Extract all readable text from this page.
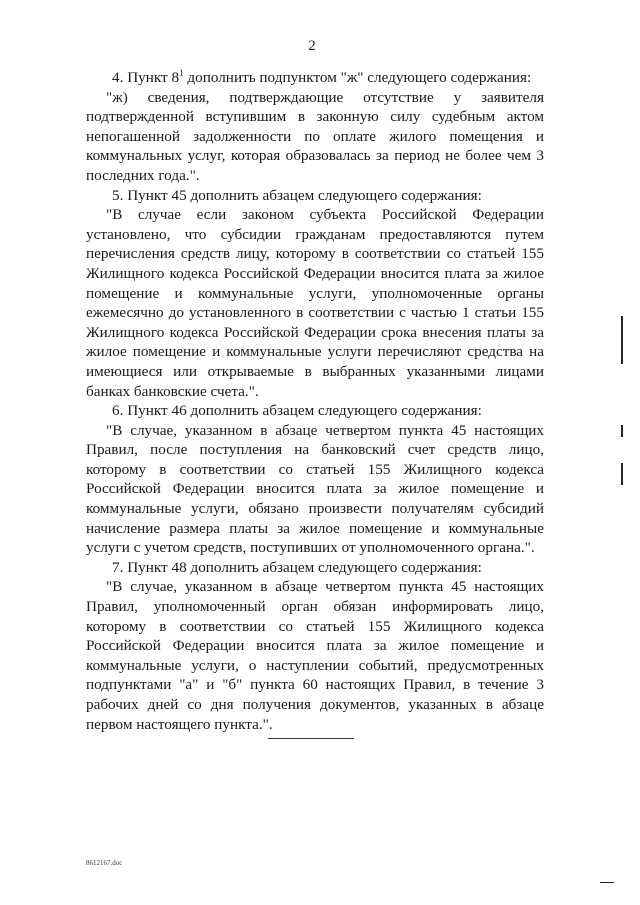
2

4. Пункт $8^1$ дополнить подпунктом "ж" следующего содержания:

"ж) сведения, подтверждающие отсутствие у заявителя подтвержденной вступившим в законную силу судебным актом непогашенной задолженности по оплате жилого помещения и коммунальных услуг, которая образовалась за период не более чем 3 последних года.".

5. Пункт 45 дополнить абзацем следующего содержания:

"В случае если законом субъекта Российской Федерации установлено, что субсидии гражданам предоставляются путем перечисления средств лицу, которому в соответствии со статьей 155 Жилищного кодекса Российской Федерации вносится плата за жилое помещение и коммунальные услуги, уполномоченные органы ежемесячно до установленного в соответствии с частью 1 статьи 155 Жилищного кодекса Российской Федерации срока внесения платы за жилое помещение и коммунальные услуги перечисляют средства на имеющиеся или открываемые в выбранных указанными лицами банках банковские счета.".

6. Пункт 46 дополнить абзацем следующего содержания:

"В случае, указанном в абзаце четвертом пункта 45 настоящих Правил, после поступления на банковский счет средств лицо, которому в соответствии со статьей 155 Жилищного кодекса Российской Федерации вносится плата за жилое помещение и коммунальные услуги, обязано произвести получателям субсидий начисление размера платы за жилое помещение и коммунальные услуги с учетом средств, поступивших от уполномоченного органа.".

7. Пункт 48 дополнить абзацем следующего содержания:

"В случае, указанном в абзаце четвертом пункта 45 настоящих Правил, уполномоченный орган обязан информировать лицо, которому в соответствии со статьей 155 Жилищного кодекса Российской Федерации вносится плата за жилое помещение и коммунальные услуги, о наступлении событий, предусмотренных подпунктами "а" и "б" пункта 60 настоящих Правил, в течение 3 рабочих дней со дня получения документов, указанных в абзаце первом настоящего пункта.".

8612167.doc
